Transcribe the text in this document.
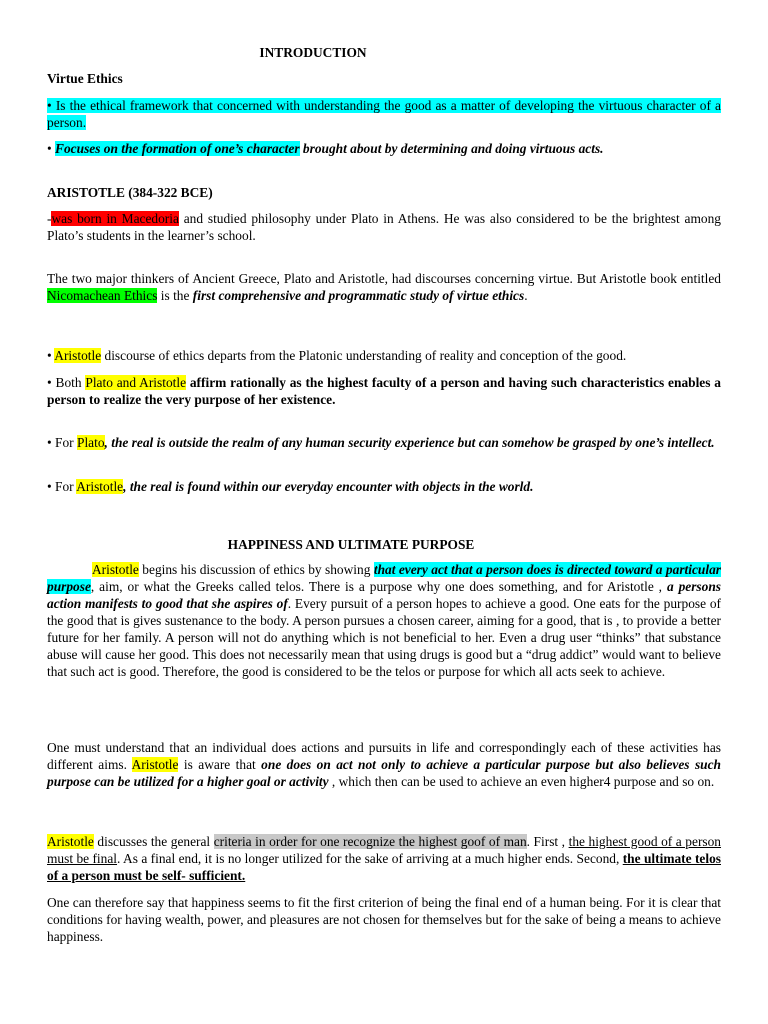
INTRODUCTION
Virtue Ethics

• Is the ethical framework that concerned with understanding the good as a matter of developing the virtuous character of a person.

• Focuses on the formation of one’s character brought about by determining and doing virtuous acts.

ARISTOTLE (384-322 BCE)

-was born in Macedoria and studied philosophy under Plato in Athens. He was also considered to be the brightest among Plato’s students in the learner’s school.

The two major thinkers of Ancient Greece, Plato and Aristotle, had discourses concerning virtue. But Aristotle book entitled Nicomachean Ethics is the first comprehensive and programmatic study of virtue ethics.

• Aristotle discourse of ethics departs from the Platonic understanding of reality and conception of the good.

• Both Plato and Aristotle affirm rationally as the highest faculty of a person and having such characteristics enables a person to realize the very purpose of her existence.

• For Plato, the real is outside the realm of any human security experience but can somehow be grasped by one’s intellect.

• For Aristotle, the real is found within our everyday encounter with objects in the world.

HAPPINESS AND ULTIMATE PURPOSE

Aristotle begins his discussion of ethics by showing that every act that a person does is directed toward a particular purpose, aim, or what the Greeks called telos. There is a purpose why one does something, and for Aristotle , a persons action manifests to good that she aspires of. Every pursuit of a person hopes to achieve a good. One eats for the purpose of the good that is gives sustenance to the body. A person pursues a chosen career, aiming for a good, that is , to provide a better future for her family. A person will not do anything which is not beneficial to her. Even a drug user “thinks” that substance abuse will cause her good. This does not necessarily mean that using drugs is good but a “drug addict” would want to believe that such act is good. Therefore, the good is considered to be the telos or purpose for which all acts seek to achieve.

One must understand that an individual does actions and pursuits in life and correspondingly each of these activities has different aims. Aristotle is aware that one does on act not only to achieve a particular purpose but also believes such purpose can be utilized for a higher goal or activity , which then can be used to achieve an even higher4 purpose and so on.

Aristotle discusses the general criteria in order for one recognize the highest goof of man. First , the highest good of a person must be final. As a final end, it is no longer utilized for the sake of arriving at a much higher ends. Second, the ultimate telos of a person must be self- sufficient.

One can therefore say that happiness seems to fit the first criterion of being the final end of a human being. For it is clear that conditions for having wealth, power, and pleasures are not chosen for themselves but for the sake of being a means to achieve happiness.
